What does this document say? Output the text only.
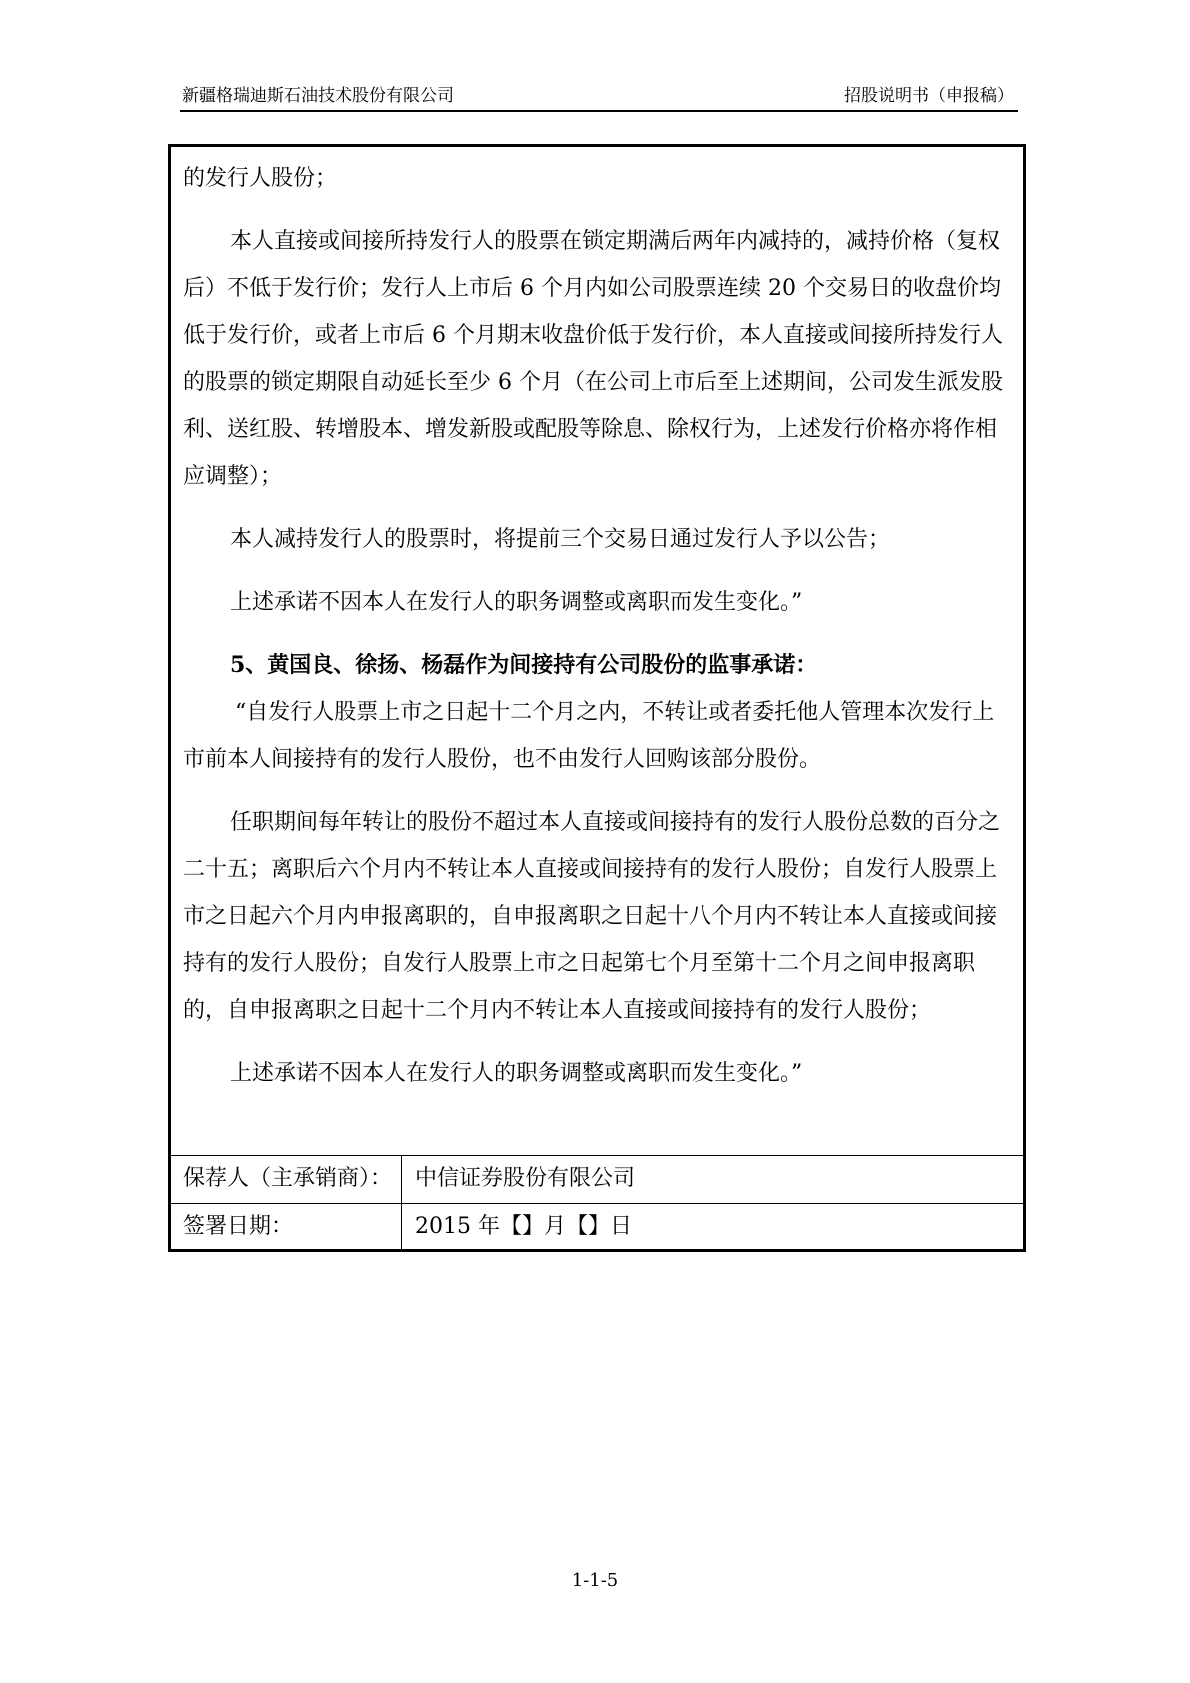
新疆格瑞迪斯石油技术股份有限公司	招股说明书（申报稿）

的发行人股份；

本人直接或间接所持发行人的股票在锁定期满后两年内减持的，减持价格（复权后）不低于发行价；发行人上市后 6 个月内如公司股票连续 20 个交易日的收盘价均低于发行价，或者上市后 6 个月期末收盘价低于发行价，本人直接或间接所持发行人的股票的锁定期限自动延长至少 6 个月（在公司上市后至上述期间，公司发生派发股利、送红股、转增股本、增发新股或配股等除息、除权行为，上述发行价格亦将作相应调整）；

本人减持发行人的股票时，将提前三个交易日通过发行人予以公告；

上述承诺不因本人在发行人的职务调整或离职而发生变化。”

5、黄国良、徐扬、杨磊作为间接持有公司股份的监事承诺：

“自发行人股票上市之日起十二个月之内，不转让或者委托他人管理本次发行上市前本人间接持有的发行人股份，也不由发行人回购该部分股份。

任职期间每年转让的股份不超过本人直接或间接持有的发行人股份总数的百分之二十五；离职后六个月内不转让本人直接或间接持有的发行人股份；自发行人股票上市之日起六个月内申报离职的，自申报离职之日起十八个月内不转让本人直接或间接持有的发行人股份；自发行人股票上市之日起第七个月至第十二个月之间申报离职的，自申报离职之日起十二个月内不转让本人直接或间接持有的发行人股份；

上述承诺不因本人在发行人的职务调整或离职而发生变化。”

保荐人（主承销商）： 中信证券股份有限公司
签署日期：	2015 年【】月【】日
1-1-5
